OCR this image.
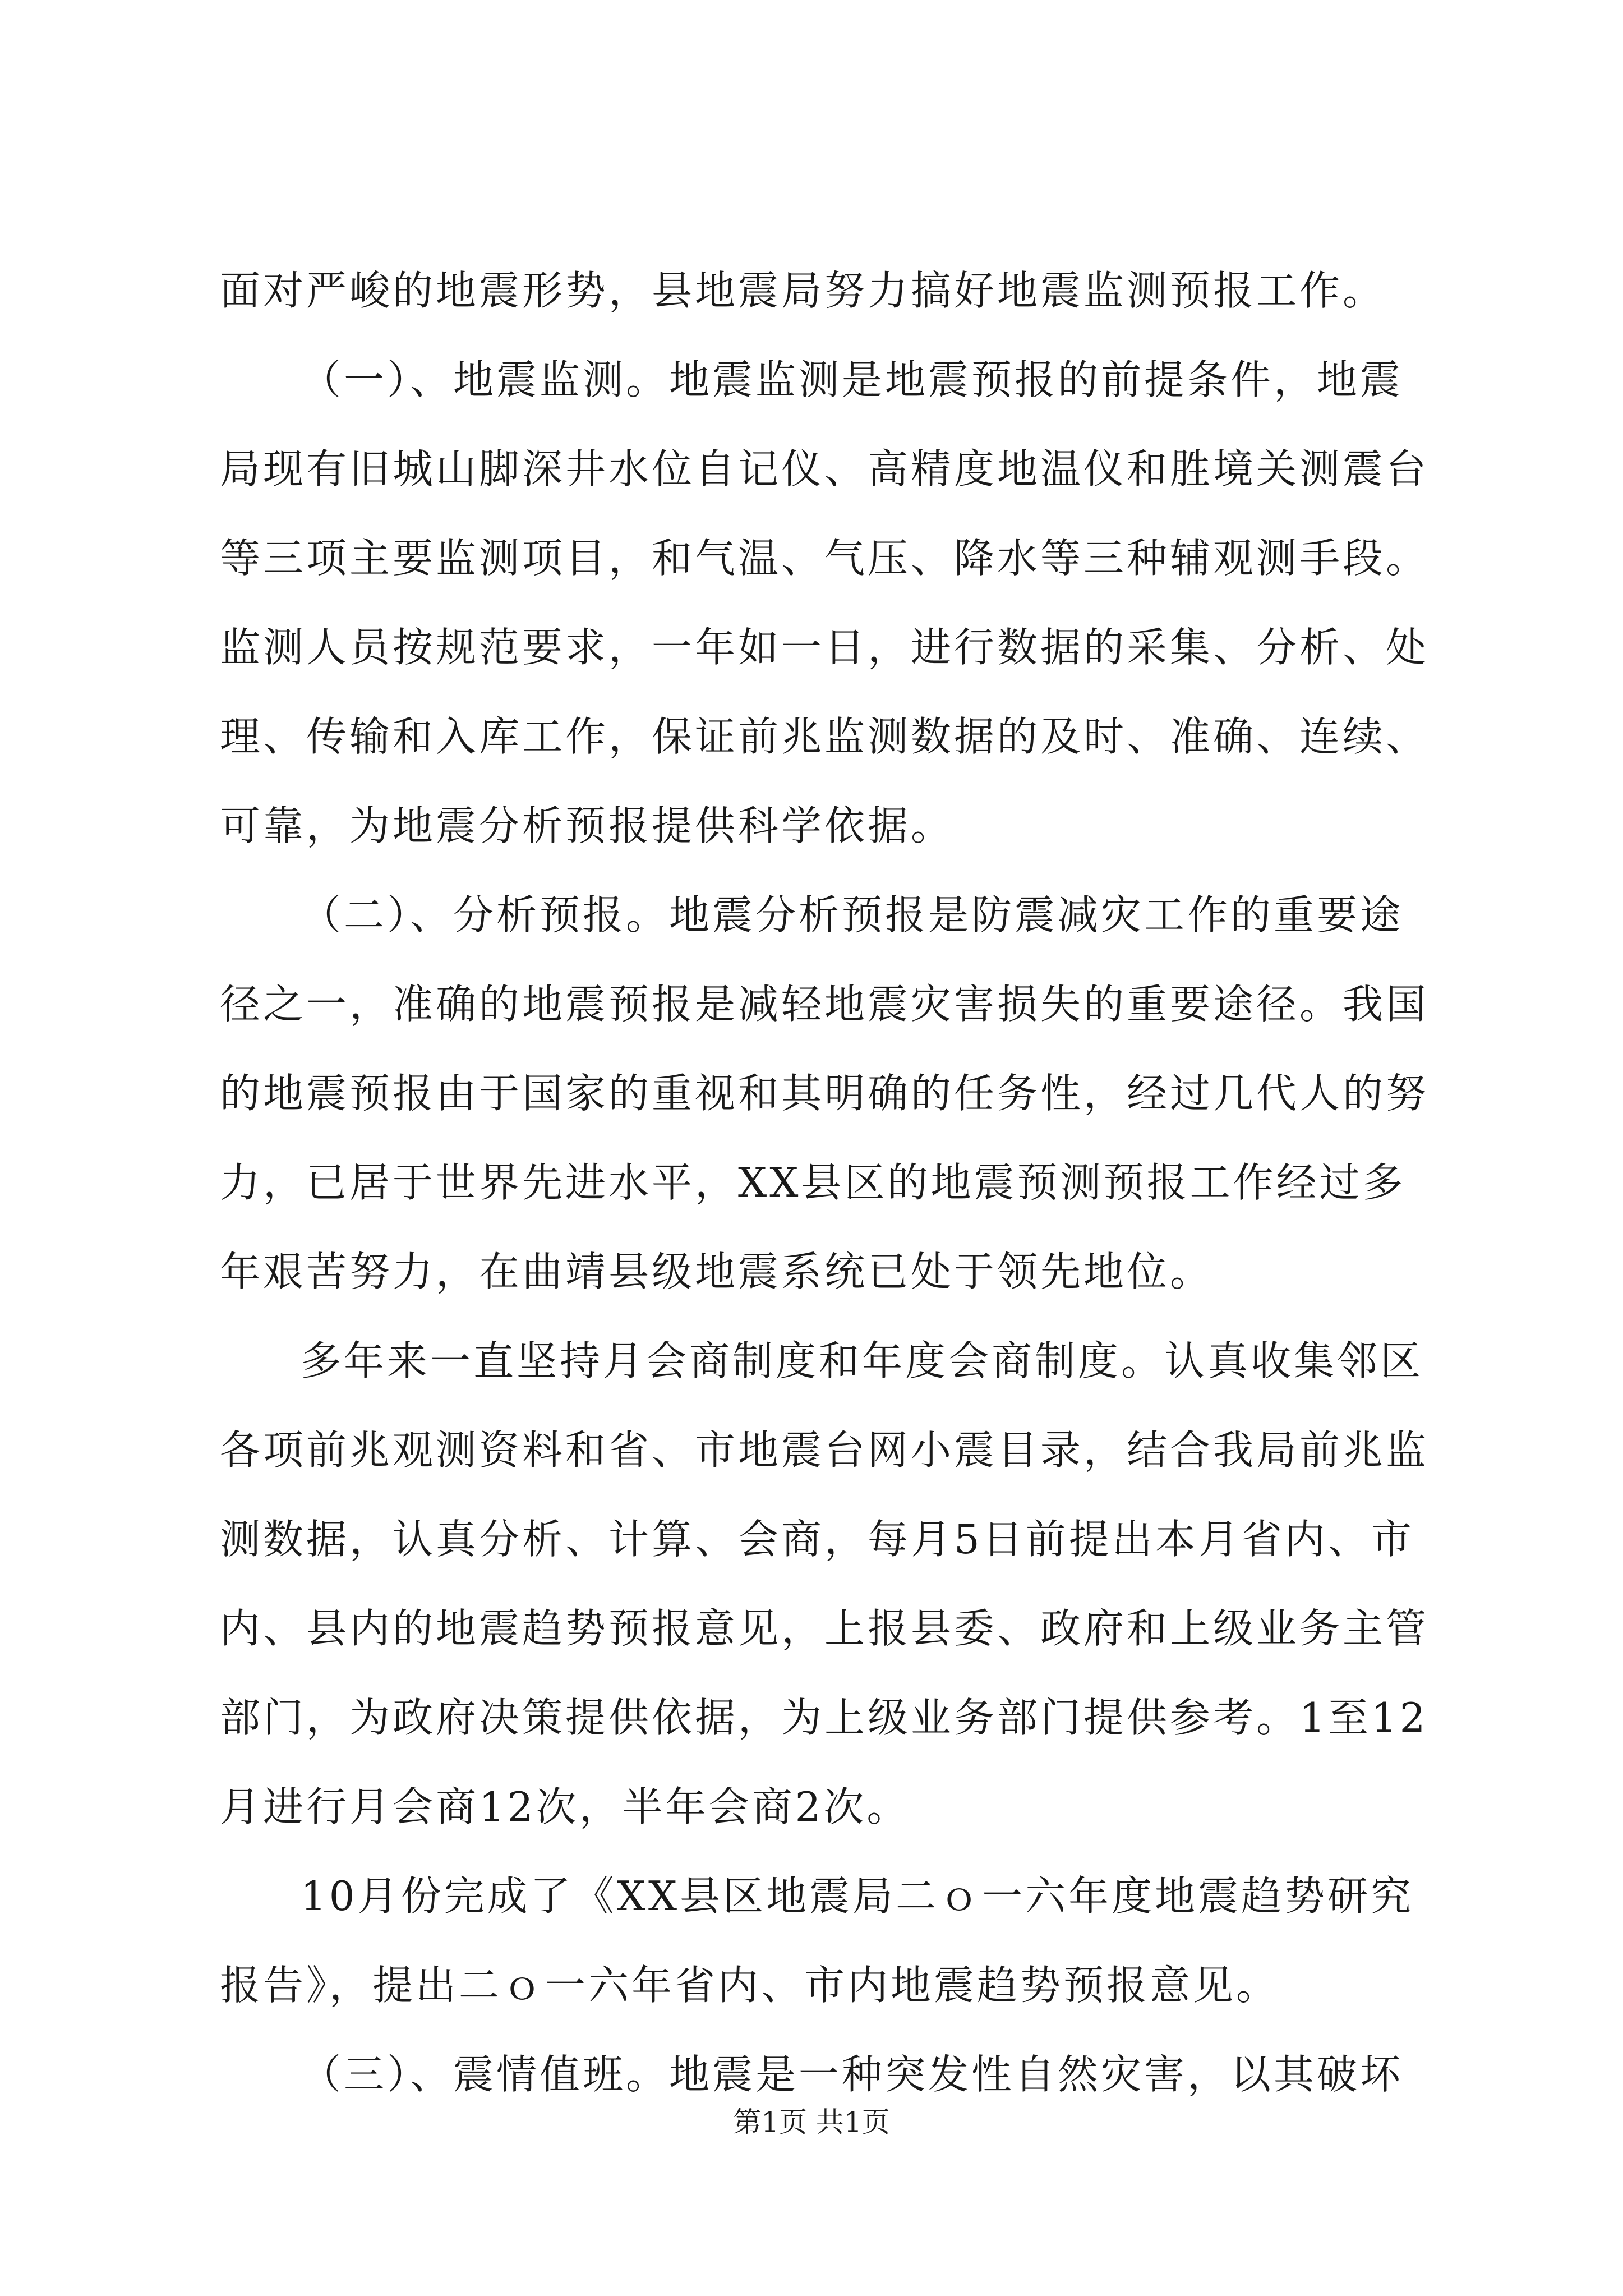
面对严峻的地震形势，县地震局努力搞好地震监测预报工作。
（一）、地震监测。地震监测是地震预报的前提条件，地震
局现有旧城山脚深井水位自记仪、高精度地温仪和胜境关测震台
等三项主要监测项目，和气温、气压、降水等三种辅观测手段。
监测人员按规范要求，一年如一日，进行数据的采集、分析、处
理、传输和入库工作，保证前兆监测数据的及时、准确、连续、
可靠，为地震分析预报提供科学依据。
（二）、分析预报。地震分析预报是防震减灾工作的重要途
径之一，准确的地震预报是减轻地震灾害损失的重要途径。我国
的地震预报由于国家的重视和其明确的任务性，经过几代人的努
力，已居于世界先进水平，XX县区的地震预测预报工作经过多
年艰苦努力，在曲靖县级地震系统已处于领先地位。
多年来一直坚持月会商制度和年度会商制度。认真收集邻区
各项前兆观测资料和省、市地震台网小震目录，结合我局前兆监
测数据，认真分析、计算、会商，每月5日前提出本月省内、市
内、县内的地震趋势预报意见，上报县委、政府和上级业务主管
部门，为政府决策提供依据，为上级业务部门提供参考。1至12
月进行月会商12次，半年会商2次。
10月份完成了《XX县区地震局二ｏ一六年度地震趋势研究
报告》，提出二ｏ一六年省内、市内地震趋势预报意见。
（三）、震情值班。地震是一种突发性自然灾害，以其破坏
第1页 共1页
